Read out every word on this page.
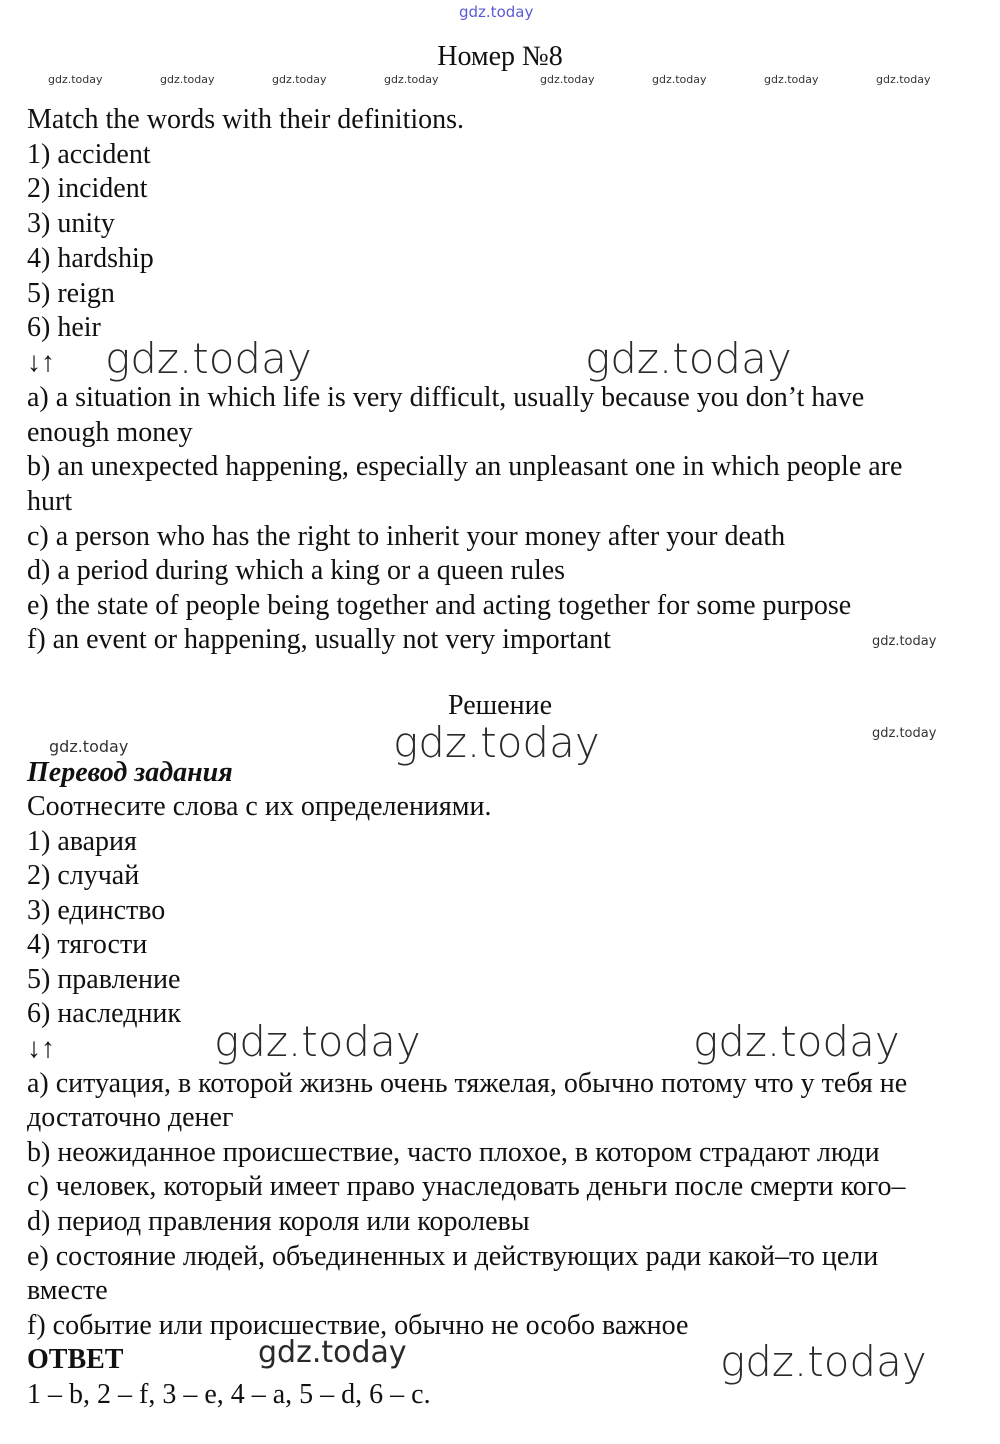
gdz.today
Номер №8
gdz.today	gdz.today	gdz.today	gdz.today	gdz.today	gdz.today	gdz.today	gdz.today
Match the words with their definitions.
1) accident
2) incident
3) unity
4) hardship
5) reign
6) heir
↓↑ gdz.today	gdz.today
a) a situation in which life is very difficult, usually because you don’t have
enough money
b) an unexpected happening, especially an unpleasant one in which people are
hurt
c) a person who has the right to inherit your money after your death
d) a period during which a king or a queen rules
e) the state of people being together and acting together for some purpose
f) an event or happening, usually not very important	gdz.today
Решение
gdz.today
gdz.today	gdz.today
Перевод задания
Соотнесите слова с их определениями.
1) авария
2) случай
3) единство
4) тягости
5) правление
6) наследник
↓↑	gdz.today	gdz.today
a) ситуация, в которой жизнь очень тяжелая, обычно потому что у тебя не
достаточно денег
b) неожиданное происшествие, часто плохое, в котором страдают люди
c) человек, который имеет право унаследовать деньги после смерти кого–
d) период правления короля или королевы
e) состояние людей, объединенных и действующих ради какой–то цели
вместе
f) событие или происшествие, обычно не особо важное
ОТВЕТ	gdz.today	gdz.today
1 – b, 2 – f, 3 – e, 4 – a, 5 – d, 6 – c.
